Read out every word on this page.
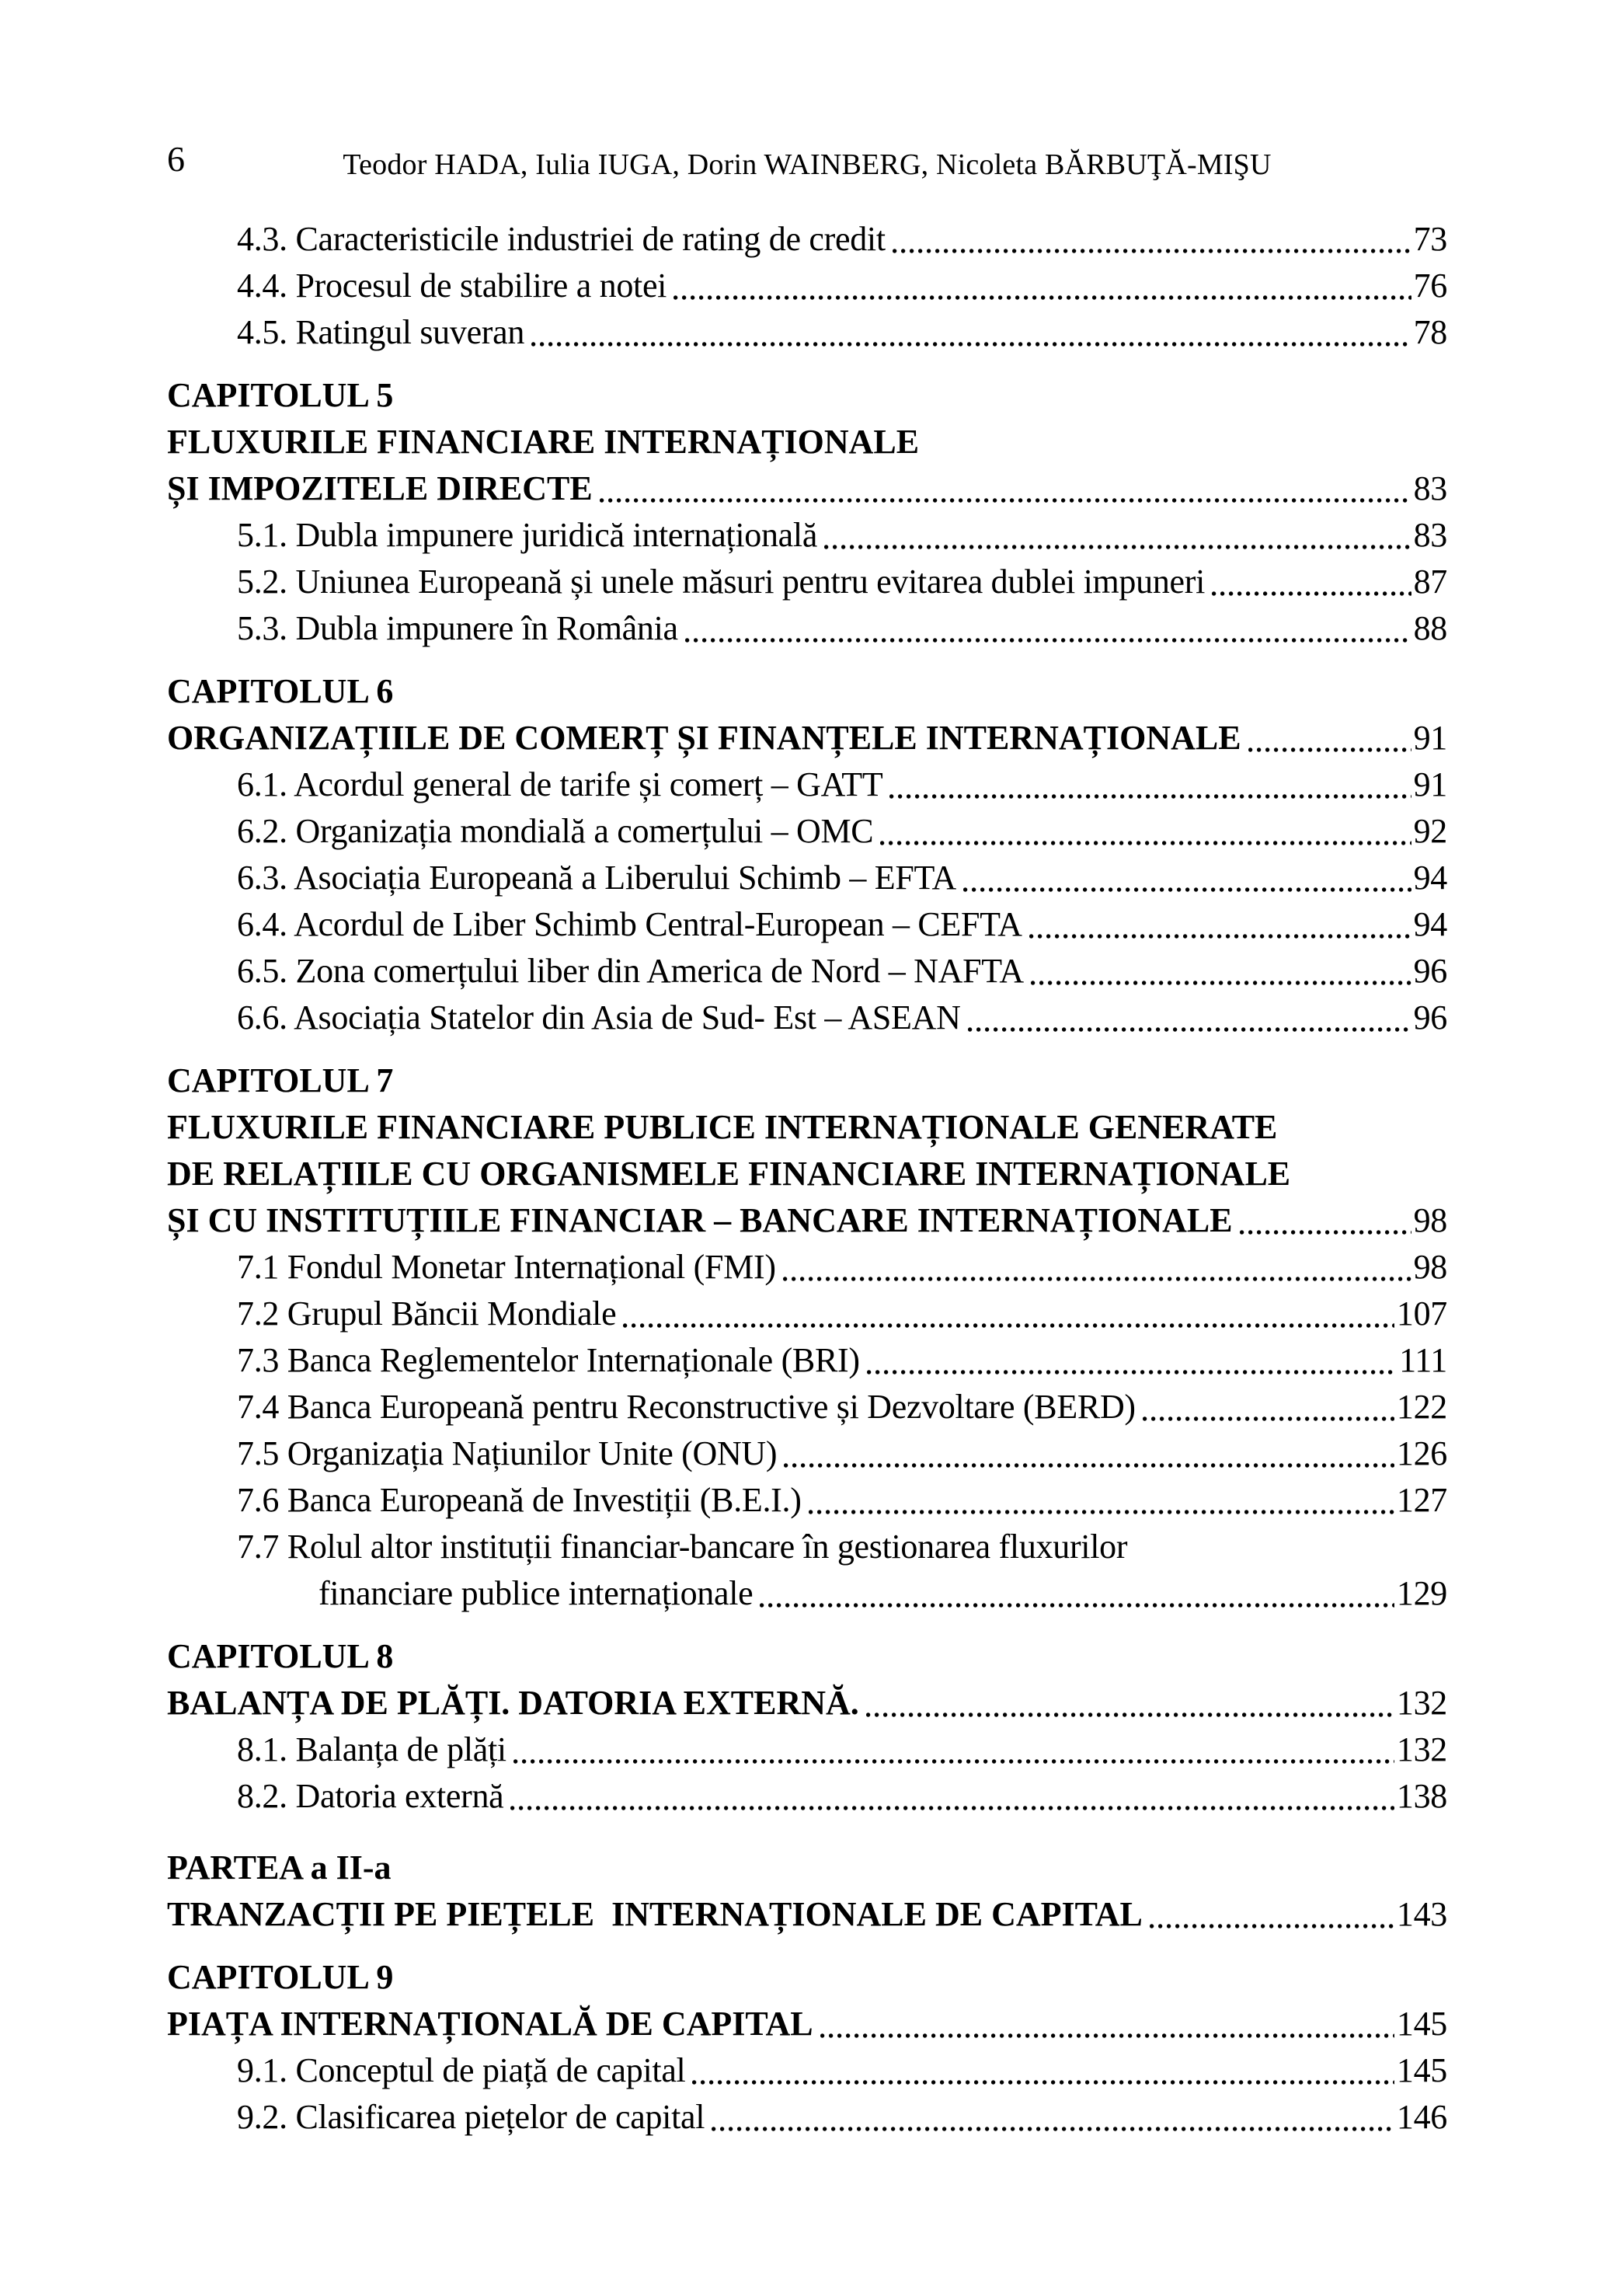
6	Teodor HADA, Iulia IUGA, Dorin WAINBERG, Nicoleta BĂRBUŢĂ-MIŞU
4.3. Caracteristicile industriei de rating de credit	73
4.4. Procesul de stabilire a notei	76
4.5. Ratingul suveran	78
CAPITOLUL 5
FLUXURILE FINANCIARE INTERNAȚIONALE
ȘI IMPOZITELE DIRECTE	83
5.1. Dubla impunere juridică internațională	83
5.2. Uniunea Europeană și unele măsuri pentru evitarea dublei impuneri	87
5.3. Dubla impunere în România	88
CAPITOLUL 6
ORGANIZAȚIILE DE COMERȚ ȘI FINANȚELE INTERNAȚIONALE	91
6.1. Acordul general de tarife și comerț – GATT	91
6.2. Organizația mondială a comerțului – OMC	92
6.3. Asociația Europeană a Liberului Schimb – EFTA	94
6.4. Acordul de Liber Schimb Central-European – CEFTA	94
6.5. Zona comerțului liber din America de Nord – NAFTA	96
6.6. Asociația Statelor din Asia de Sud- Est – ASEAN	96
CAPITOLUL 7
FLUXURILE FINANCIARE PUBLICE INTERNAȚIONALE GENERATE
DE RELAȚIILE CU ORGANISMELE FINANCIARE INTERNAȚIONALE
ȘI CU INSTITUȚIILE FINANCIAR – BANCARE INTERNAȚIONALE	98
7.1 Fondul Monetar Internațional (FMI)	98
7.2 Grupul Băncii Mondiale	107
7.3 Banca Reglementelor Internaționale (BRI)	111
7.4 Banca Europeană pentru Reconstructive și Dezvoltare (BERD)	122
7.5 Organizația Națiunilor Unite (ONU)	126
7.6 Banca Europeană de Investiții (B.E.I.)	127
7.7 Rolul altor instituții financiar-bancare în gestionarea fluxurilor
financiare publice internaționale	129
CAPITOLUL 8
BALANȚA DE PLĂȚI. DATORIA EXTERNĂ.	132
8.1. Balanța de plăți	132
8.2. Datoria externă	138
PARTEA a II-a
TRANZACȚII PE PIEȚELE  INTERNAȚIONALE DE CAPITAL	143
CAPITOLUL 9
PIAȚA INTERNAȚIONALĂ DE CAPITAL	145
9.1. Conceptul de piață de capital	145
9.2. Clasificarea piețelor de capital	146
